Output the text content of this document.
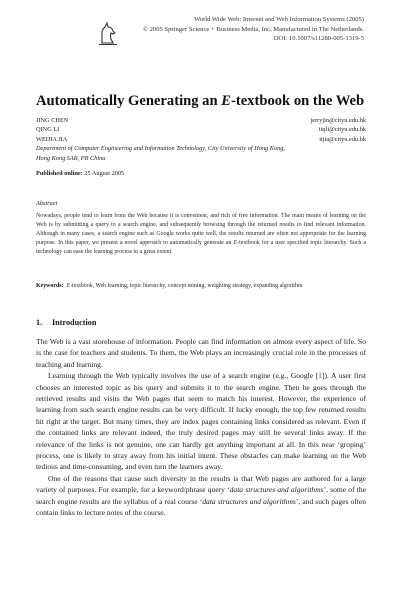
World Wide Web: Internet and Web Information Systems (2005)
© 2005 Springer Science + Business Media, Inc. Manufactured in The Netherlands.
DOI: 10.1007/s11280-005-1319-5
Automatically Generating an E-textbook on the Web
JING CHEN	jerryjin@cityu.edu.hk
QING LI	itqli@cityu.edu.hk
WEIJIA JIA	itjia@cityu.edu.hk
Department of Computer Engineering and Information Technology, City University of Hong Kong,
Hong Kong SAR, PR China
Published online: 25 August 2005
Abstract
Nowadays, people tend to learn from the Web because it is convenient, and rich of free information. The main means of learning on the Web is by submitting a query to a search engine, and subsequently browsing through the returned results to find relevant information. Although in many cases, a search engine such as Google works quite well, the results returned are often not appropriate for the learning purpose. In this paper, we present a novel approach to automatically generate an E-textbook for a user specified topic hierarchy. Such a technology can ease the learning process to a great extent.
Keywords: E-textbook, Web learning, topic hierarchy, concept mining, weighting strategy, expanding algorithm
1. Introduction

The Web is a vast storehouse of information. People can find information on almost every aspect of life. So is the case for teachers and students. To them, the Web plays an increasingly crucial role in the processes of teaching and learning.

Learning through the Web typically involves the use of a search engine (e.g., Google [1]). A user first chooses an interested topic as his query and submits it to the search engine. Then he goes through the retrieved results and visits the Web pages that seem to match his interest. However, the experience of learning from such search engine results can be very difficult. If lucky enough, the top few returned results hit right at the target. But many times, they are index pages containing links considered as relevant. Even if the contained links are relevant indeed, the truly desired pages may still be several links away. If the relevance of the links is not genuine, one can hardly get anything important at all. In this near ‘groping’ process, one is likely to stray away from his initial intent. These obstacles can make learning on the Web tedious and time-consuming, and even turn the learners away.

One of the reasons that cause such diversity in the results is that Web pages are authored for a large variety of purposes. For example, for a keyword/phrase query ‘data structures and algorithms’, some of the search engine results are the syllabus of a real course ‘data structures and algorithms’, and such pages often contain links to lecture notes of the course.
